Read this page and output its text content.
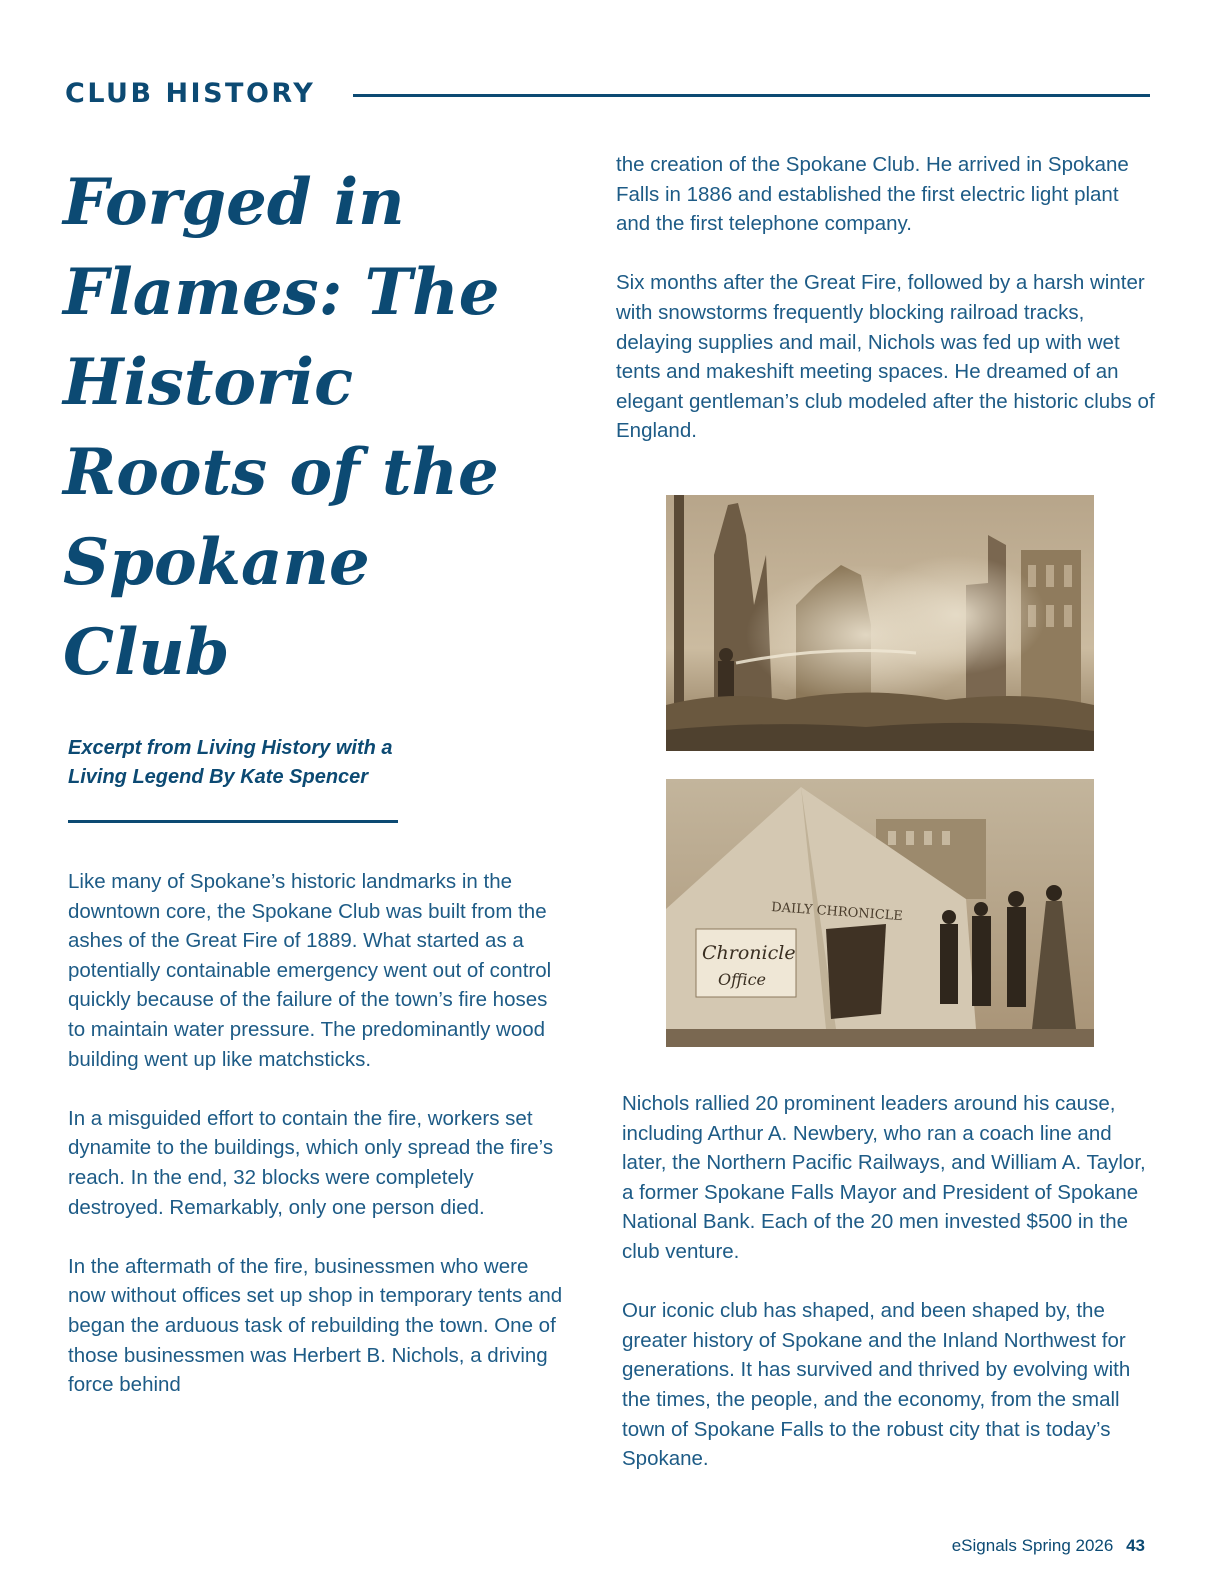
CLUB HISTORY
Forged in Flames: The Historic Roots of the Spokane Club

Excerpt from Living History with a Living Legend By Kate Spencer

Like many of Spokane’s historic landmarks in the downtown core, the Spokane Club was built from the ashes of the Great Fire of 1889. What started as a potentially containable emergency went out of control quickly because of the failure of the town’s fire hoses to maintain water pressure. The predominantly wood building went up like matchsticks.

In a misguided effort to contain the fire, workers set dynamite to the buildings, which only spread the fire’s reach. In the end, 32 blocks were completely destroyed. Remarkably, only one person died.

In the aftermath of the fire, businessmen who were now without offices set up shop in temporary tents and began the arduous task of rebuilding the town. One of those businessmen was Herbert B. Nichols, a driving force behind

the creation of the Spokane Club. He arrived in Spokane Falls in 1886 and established the first electric light plant and the first telephone company.

Six months after the Great Fire, followed by a harsh winter with snowstorms frequently blocking railroad tracks, delaying supplies and mail, Nichols was fed up with wet tents and makeshift meeting spaces. He dreamed of an elegant gentleman’s club modeled after the historic clubs of England.

DAILY CHRONICLE
Chronicle
Office

Nichols rallied 20 prominent leaders around his cause, including Arthur A. Newbery, who ran a coach line and later, the Northern Pacific Railways, and William A. Taylor, a former Spokane Falls Mayor and President of Spokane National Bank. Each of the 20 men invested $500 in the club venture.

Our iconic club has shaped, and been shaped by, the greater history of Spokane and the Inland Northwest for generations. It has survived and thrived by evolving with the times, the people, and the economy, from the small town of Spokane Falls to the robust city that is today’s Spokane.

eSignals Spring 2026 43
